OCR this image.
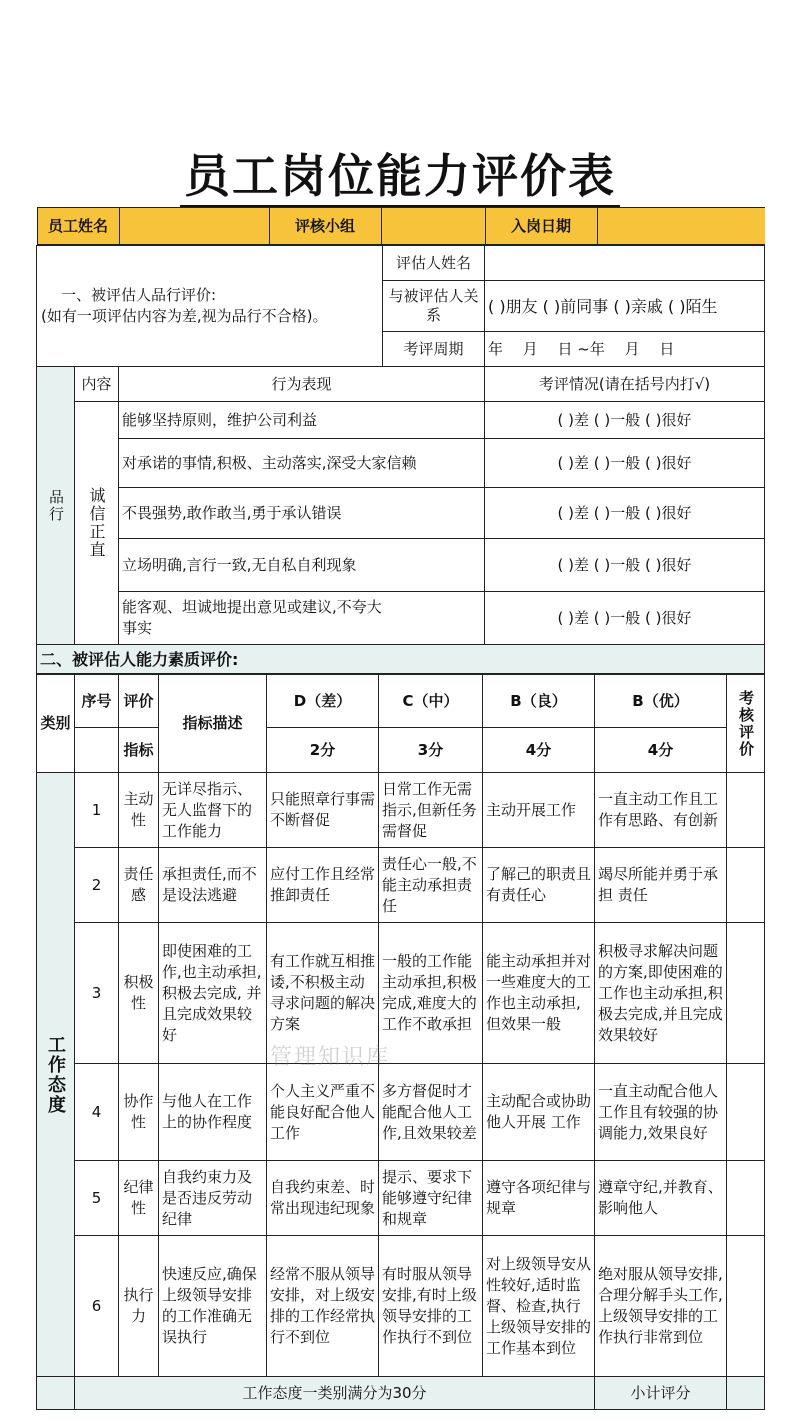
员工岗位能力评价表
员工姓名		评核小组		入岗日期	

一、被评估人品行评价:
(如有一项评估内容为差,视为品行不合格)。
	评估人姓名	
与被评估人关系	( )朋友 ( )前同事 ( )亲戚 ( )陌生
考评周期	年　 月　 日 ~年　 月　 日

品行
	内容	行为表现	考评情况(请在括号内打√)

诚信正直
	能够坚持原则，维护公司利益	( )差 ( )一般 ( )很好
对承诺的事情,积极、主动落实,深受大家信赖	( )差 ( )一般 ( )很好
不畏强势,敢作敢当,勇于承认错误	( )差 ( )一般 ( )很好
立场明确,言行一致,无自私自利现象	( )差 ( )一般 ( )很好
能客观、坦诚地提出意见或建议,不夸大事实	( )差 ( )一般 ( )很好
二、被评估人能力素质评价:
类别	序号	评价	指标描述	D（差）	C（中）	B（良）	B（优）	考核评价

		指标		2分	3分	4分	4分	

工作态度	1	主动性	无详尽指示、无人监督下的工作能力	只能照章行事需不断督促	日常工作无需指示,但新任务需督促	主动开展工作	一直主动工作且工作有思路、有创新	
	2	责任感	承担责任,而不是设法逃避	应付工作且经常推卸责任	责任心一般,不能主动承担责任	了解己的职责且有责任心	竭尽所能并勇于承担 责任	
	3	积极性	即使困难的工作,也主动承担,积极去完成, 并且完成效果较好	有工作就互相推诿,不积极主动寻求问题的解决方案	一般的工作能主动承担,积极完成,难度大的工作不敢承担	能主动承担并对一些难度大的工作也主动承担,但效果一般	积极寻求解决问题的方案,即使困难的工作也主动承担,积极去完成,并且完成效果较好	
	4	协作性	与他人在工作上的协作程度	个人主义严重不能良好配合他人工作	多方督促时才能配合他人工作,且效果较差	主动配合或协助他人开展 工作	一直主动配合他人工作且有较强的协调能力,效果良好	
	5	纪律性	自我约束力及是否违反劳动纪律	自我约束差、时常出现违纪现象	提示、要求下能够遵守纪律和规章	遵守各项纪律与规章	遵章守纪,并教育、影响他人	
	6	执行力	快速反应,确保上级领导安排的工作准确无误执行	经常不服从领导安排，对上级安排的工作经常执行不到位	有时服从领导安排,有时上级领导安排的工作执行不到位	对上级领导安从性较好,适时监督、检查,执行上级领导安排的工作基本到位	绝对服从领导安排,合理分解手头工作,上级领导安排的工作执行非常到位	
	工作态度一类别满分为30分						小计评分	
管理知识库
